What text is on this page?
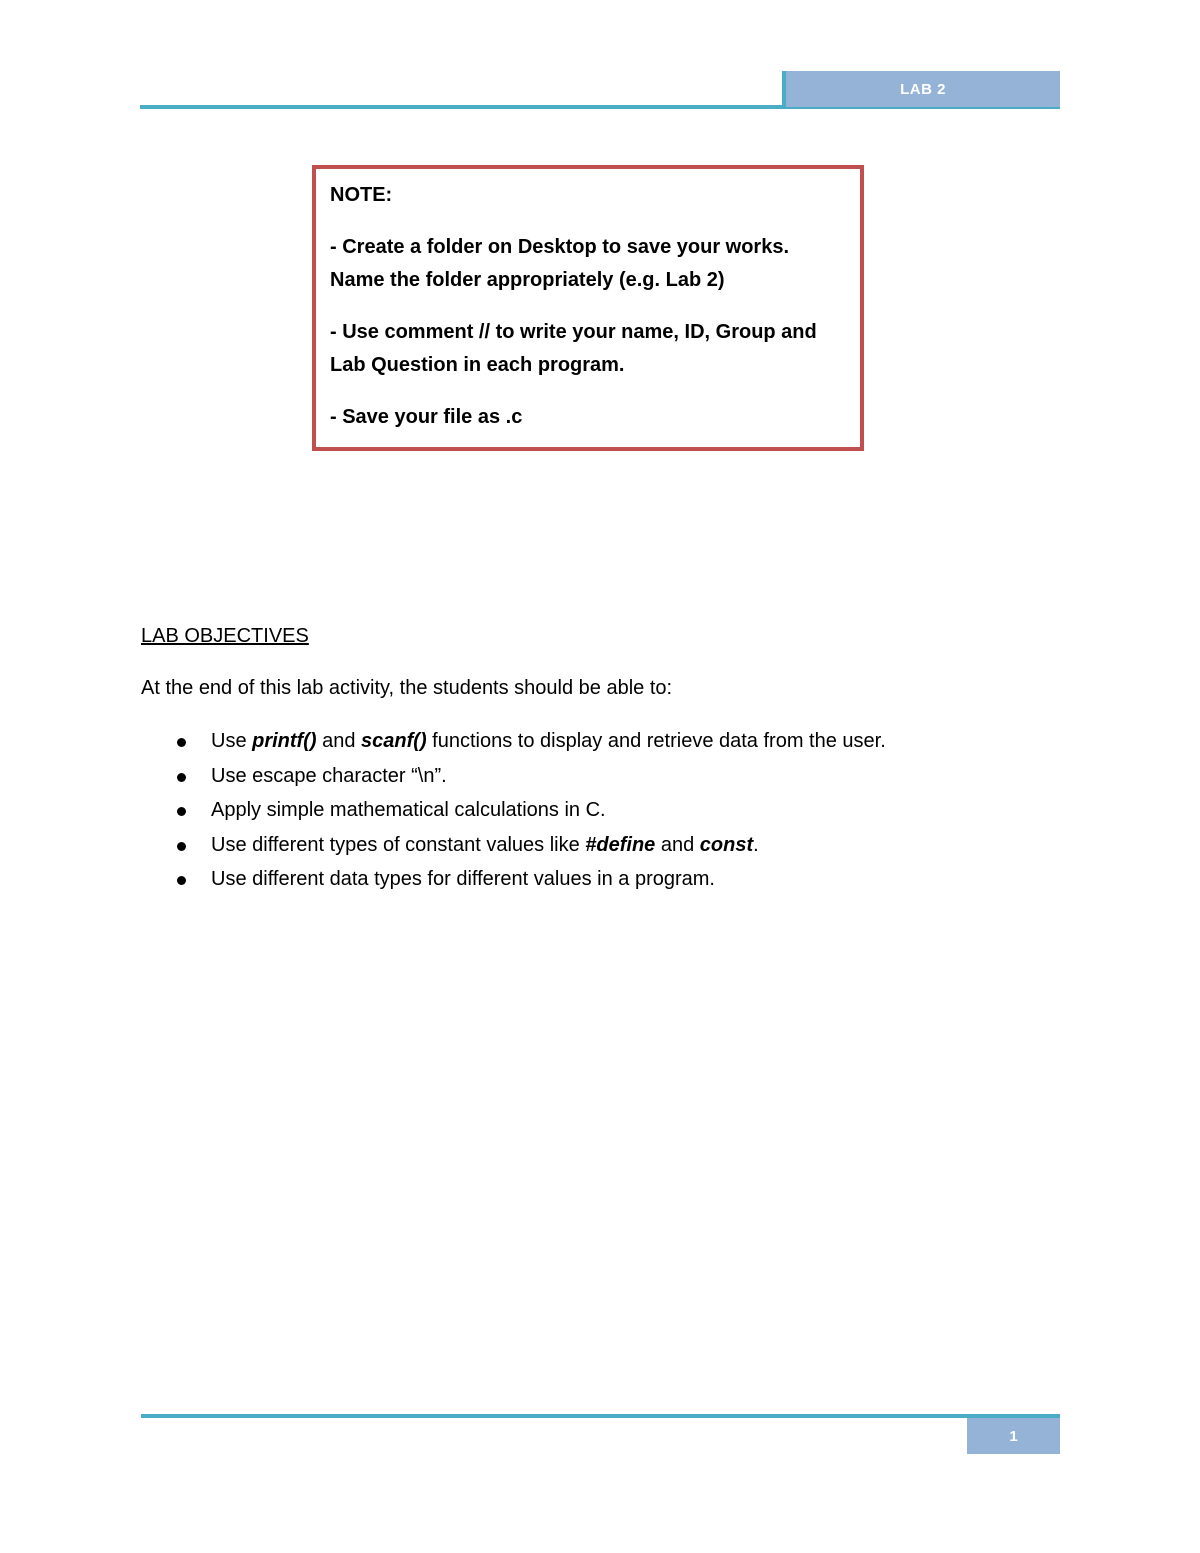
LAB 2

NOTE:

- Create a folder on Desktop to save your works.

Name the folder appropriately (e.g. Lab 2)

- Use comment // to write your name, ID, Group and

Lab Question in each program.

- Save your file as .c

LAB OBJECTIVES

At the end of this lab activity, the students should be able to:

Use printf() and scanf() functions to display and retrieve data from the user.
Use escape character “\n”.
Apply simple mathematical calculations in C.
Use different types of constant values like #define and const.
Use different data types for different values in a program.
1
